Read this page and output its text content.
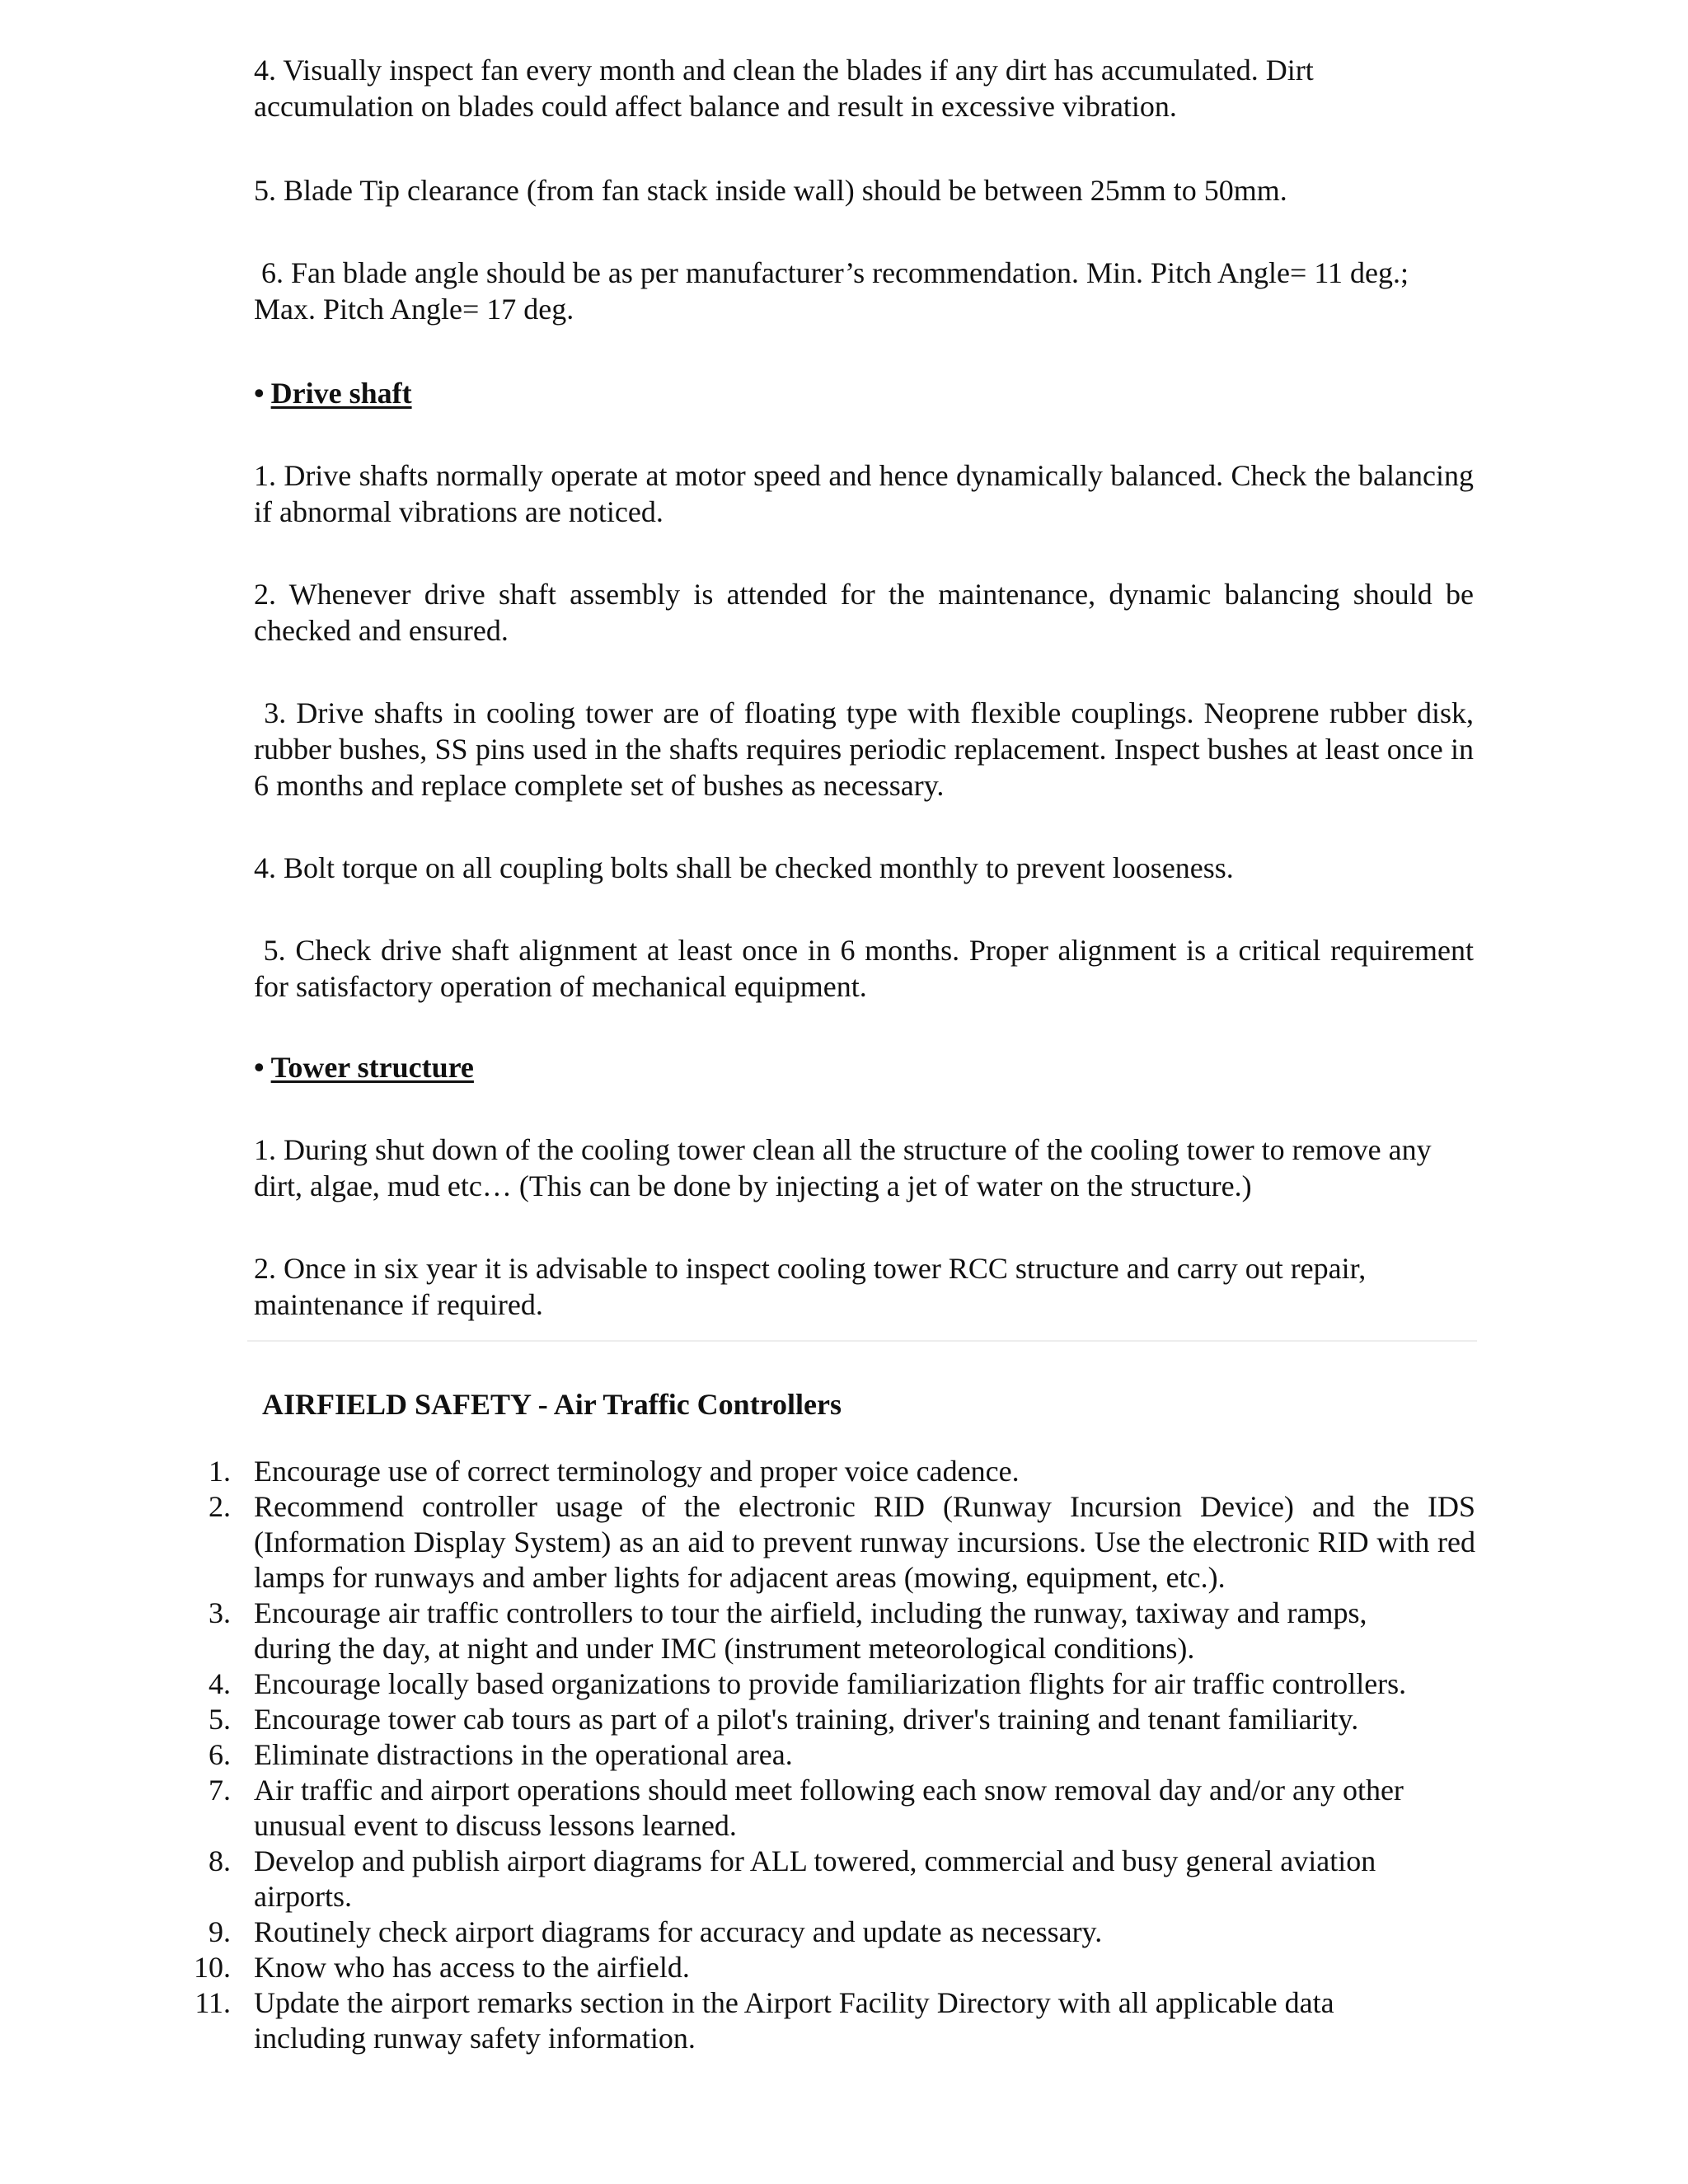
4. Visually inspect fan every month and clean the blades if any dirt has accumulated. Dirt accumulation on blades could affect balance and result in excessive vibration.

5. Blade Tip clearance (from fan stack inside wall) should be between 25mm to 50mm.

6. Fan blade angle should be as per manufacturer’s recommendation. Min. Pitch Angle= 11 deg.; Max. Pitch Angle= 17 deg.

• Drive shaft

1. Drive shafts normally operate at motor speed and hence dynamically balanced. Check the balancing if abnormal vibrations are noticed.

2. Whenever drive shaft assembly is attended for the maintenance, dynamic balancing should be checked and ensured.

3. Drive shafts in cooling tower are of floating type with flexible couplings. Neoprene rubber disk, rubber bushes, SS pins used in the shafts requires periodic replacement. Inspect bushes at least once in 6 months and replace complete set of bushes as necessary.

4. Bolt torque on all coupling bolts shall be checked monthly to prevent looseness.

5. Check drive shaft alignment at least once in 6 months. Proper alignment is a critical requirement for satisfactory operation of mechanical equipment.

• Tower structure

1. During shut down of the cooling tower clean all the structure of the cooling tower to remove any dirt, algae, mud etc… (This can be done by injecting a jet of water on the structure.)

2. Once in six year it is advisable to inspect cooling tower RCC structure and carry out repair, maintenance if required.

AIRFIELD SAFETY - Air Traffic Controllers

1. Encourage use of correct terminology and proper voice cadence.
2. Recommend controller usage of the electronic RID (Runway Incursion Device) and the IDS (Information Display System) as an aid to prevent runway incursions. Use the electronic RID with red lamps for runways and amber lights for adjacent areas (mowing, equipment, etc.).
3. Encourage air traffic controllers to tour the airfield, including the runway, taxiway and ramps, during the day, at night and under IMC (instrument meteorological conditions).
4. Encourage locally based organizations to provide familiarization flights for air traffic controllers.
5. Encourage tower cab tours as part of a pilot's training, driver's training and tenant familiarity.
6. Eliminate distractions in the operational area.
7. Air traffic and airport operations should meet following each snow removal day and/or any other unusual event to discuss lessons learned.
8. Develop and publish airport diagrams for ALL towered, commercial and busy general aviation airports.
9. Routinely check airport diagrams for accuracy and update as necessary.
10. Know who has access to the airfield.
11. Update the airport remarks section in the Airport Facility Directory with all applicable data including runway safety information.
